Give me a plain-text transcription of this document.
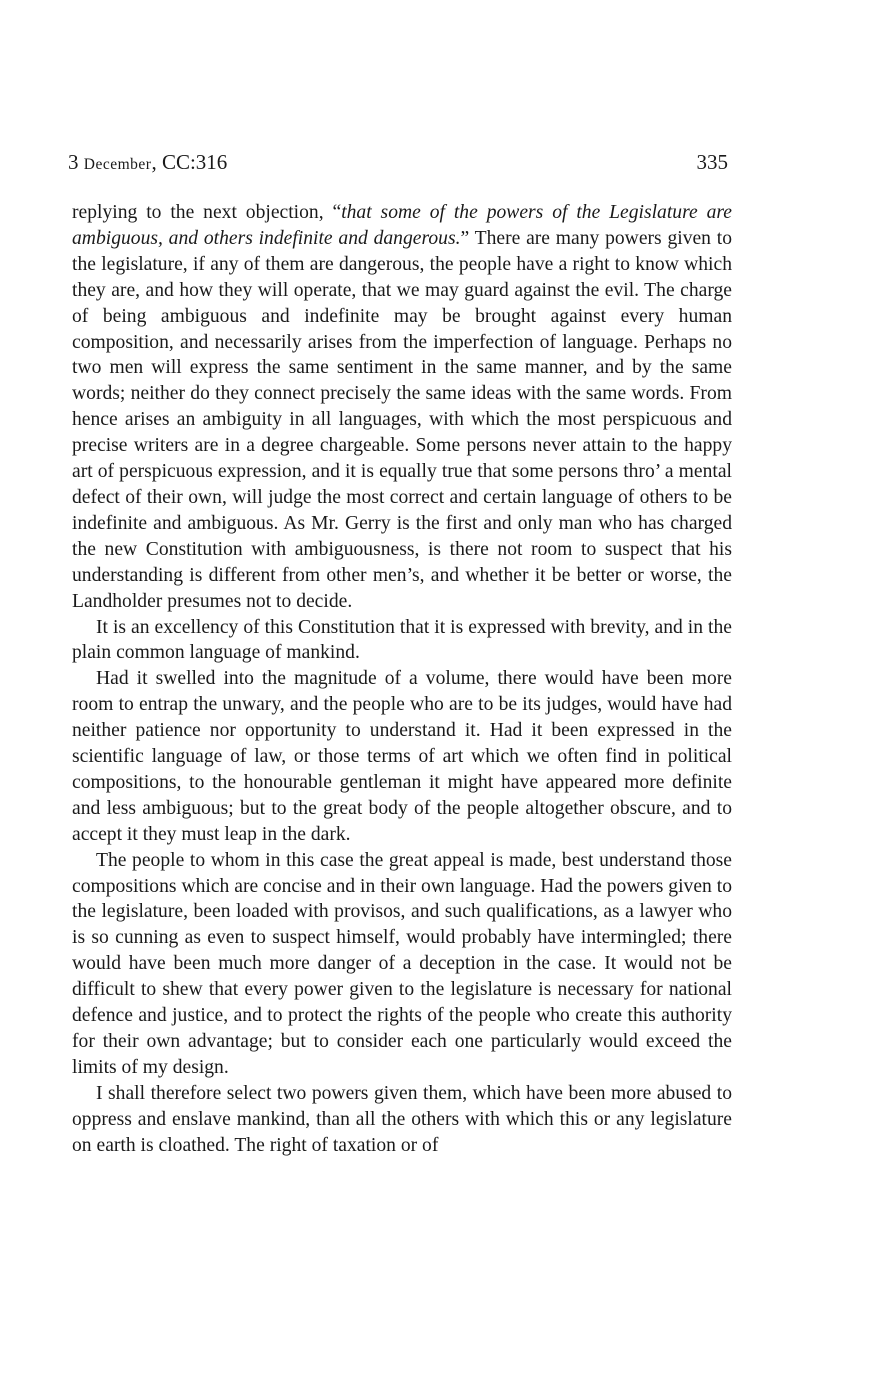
3 December, CC:316	335

replying to the next objection, “that some of the powers of the Legislature are ambiguous, and others indefinite and dangerous.” There are many powers given to the legislature, if any of them are dangerous, the people have a right to know which they are, and how they will operate, that we may guard against the evil. The charge of being ambiguous and indefinite may be brought against every human composition, and necessarily arises from the imperfection of language. Perhaps no two men will express the same sentiment in the same manner, and by the same words; neither do they connect precisely the same ideas with the same words. From hence arises an ambiguity in all languages, with which the most perspicuous and precise writers are in a degree chargeable. Some persons never attain to the happy art of perspicuous expression, and it is equally true that some persons thro’ a mental defect of their own, will judge the most correct and certain language of others to be indefinite and ambiguous. As Mr. Gerry is the first and only man who has charged the new Constitution with ambiguousness, is there not room to suspect that his understanding is different from other men’s, and whether it be better or worse, the Landholder presumes not to decide.

It is an excellency of this Constitution that it is expressed with brevity, and in the plain common language of mankind.

Had it swelled into the magnitude of a volume, there would have been more room to entrap the unwary, and the people who are to be its judges, would have had neither patience nor opportunity to understand it. Had it been expressed in the scientific language of law, or those terms of art which we often find in political compositions, to the honourable gentleman it might have appeared more definite and less ambiguous; but to the great body of the people altogether obscure, and to accept it they must leap in the dark.

The people to whom in this case the great appeal is made, best understand those compositions which are concise and in their own language. Had the powers given to the legislature, been loaded with provisos, and such qualifications, as a lawyer who is so cunning as even to suspect himself, would probably have intermingled; there would have been much more danger of a deception in the case. It would not be difficult to shew that every power given to the legislature is necessary for national defence and justice, and to protect the rights of the people who create this authority for their own advantage; but to consider each one particularly would exceed the limits of my design.

I shall therefore select two powers given them, which have been more abused to oppress and enslave mankind, than all the others with which this or any legislature on earth is cloathed. The right of taxation or of
